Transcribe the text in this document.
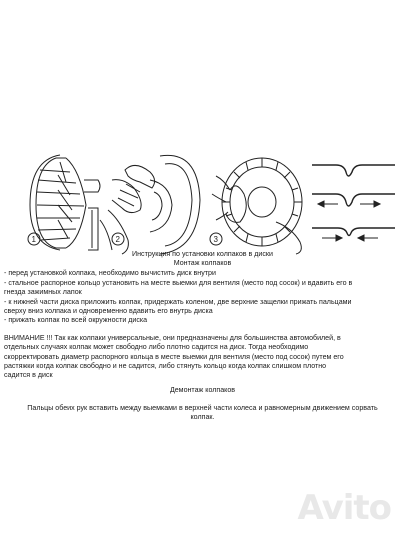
1	2	3
Инструкция по установки колпаков в диски
Монтаж колпаков
- перед установкой колпака, необходимо вычистить диск внутри
- стальное распорное кольцо установить на месте выемки для вентиля (место под сосок) и вдавить его в
гнезда зажимных лапок
- к нижней части диска приложить колпак, придержать коленом, две верхние защелки прижать пальцами
сверху вниз колпака и одновременно вдавить его внутрь диска
- прижать колпак по всей окружности диска
ВНИМАНИЕ !!! Так как колпаки универсальные, они предназначены для большинства автомобилей, в
отдельных случаях колпак может свободно либо плотно садится на диск. Тогда необходимо
скорректировать диаметр распорного кольца в месте выемки для вентиля (место под сосок) путем его
растяжки когда колпак свободно и не садится, либо стянуть кольцо когда колпак слишком плотно
садится в диск
Демонтаж колпаков
Пальцы обеих рук вставить между выемками в верхней части колеса и равномерным движением сорвать
колпак.
Avito
